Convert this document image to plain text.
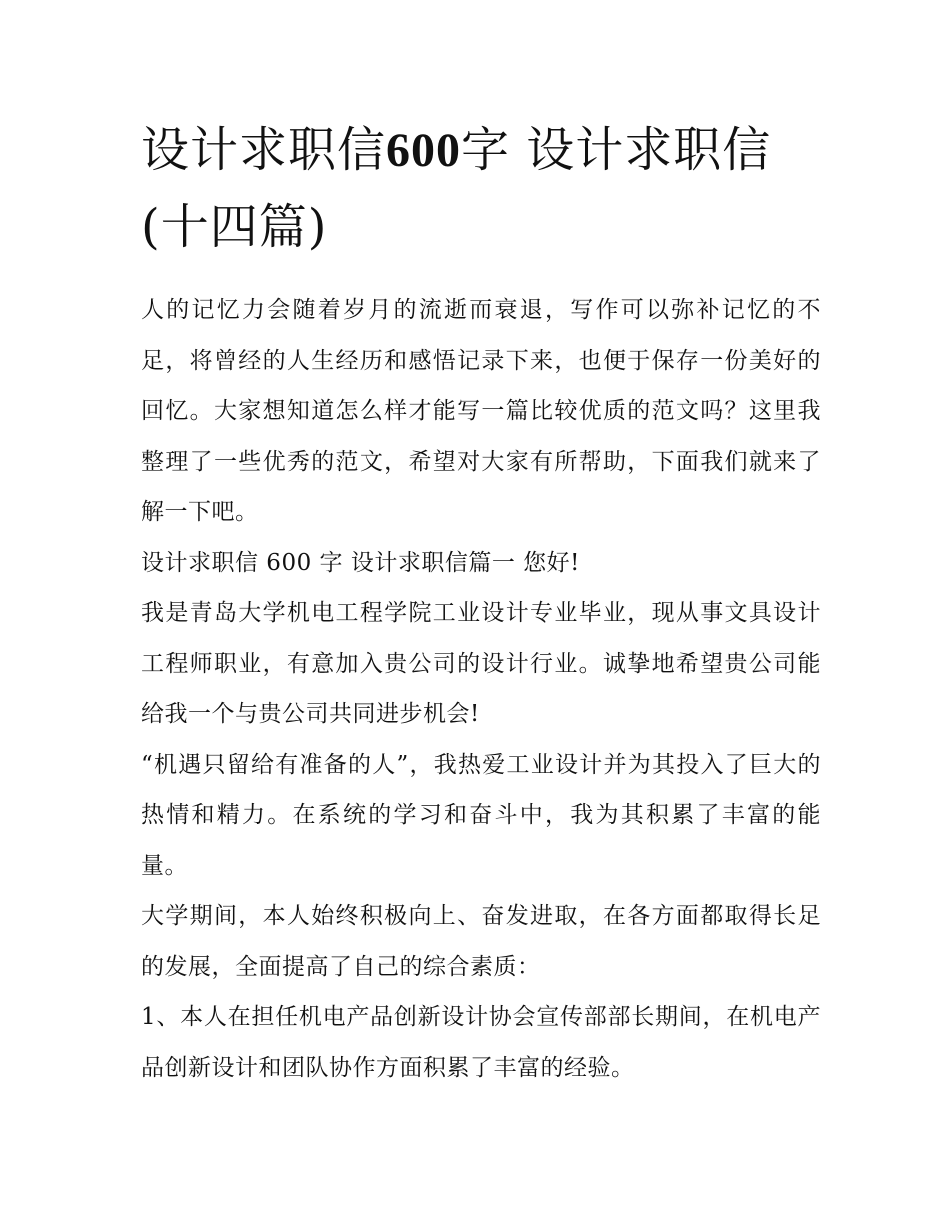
设计求职信600字 设计求职信(十四篇)

人的记忆力会随着岁月的流逝而衰退，写作可以弥补记忆的不足，将曾经的人生经历和感悟记录下来，也便于保存一份美好的回忆。大家想知道怎么样才能写一篇比较优质的范文吗？这里我整理了一些优秀的范文，希望对大家有所帮助，下面我们就来了解一下吧。

设计求职信 600 字 设计求职信篇一 您好!

我是青岛大学机电工程学院工业设计专业毕业，现从事文具设计工程师职业，有意加入贵公司的设计行业。诚挚地希望贵公司能给我一个与贵公司共同进步机会!

“机遇只留给有准备的人”，我热爱工业设计并为其投入了巨大的热情和精力。在系统的学习和奋斗中，我为其积累了丰富的能量。

大学期间，本人始终积极向上、奋发进取，在各方面都取得长足的发展，全面提高了自己的综合素质：

1、本人在担任机电产品创新设计协会宣传部部长期间，在机电产品创新设计和团队协作方面积累了丰富的经验。
